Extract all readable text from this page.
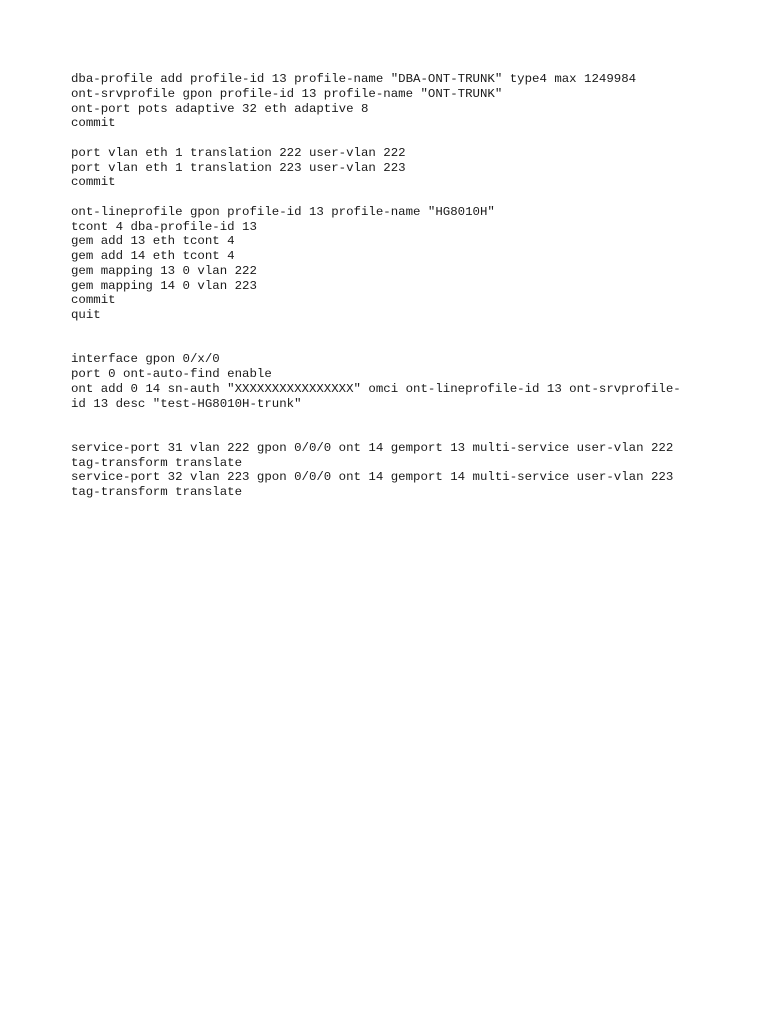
dba-profile add profile-id 13 profile-name "DBA-ONT-TRUNK" type4 max 1249984
ont-srvprofile gpon profile-id 13 profile-name "ONT-TRUNK"
ont-port pots adaptive 32 eth adaptive 8
commit
port vlan eth 1 translation 222 user-vlan 222
port vlan eth 1 translation 223 user-vlan 223
commit
ont-lineprofile gpon profile-id 13 profile-name "HG8010H"
tcont 4 dba-profile-id 13
gem add 13 eth tcont 4
gem add 14 eth tcont 4
gem mapping 13 0 vlan 222
gem mapping 14 0 vlan 223
commit
quit
interface gpon 0/x/0
port 0 ont-auto-find enable
ont add 0 14 sn-auth "XXXXXXXXXXXXXXXX" omci ont-lineprofile-id 13 ont-srvprofile-
id 13 desc "test-HG8010H-trunk"
service-port 31 vlan 222 gpon 0/0/0 ont 14 gemport 13 multi-service user-vlan 222
tag-transform translate
service-port 32 vlan 223 gpon 0/0/0 ont 14 gemport 14 multi-service user-vlan 223
tag-transform translate
